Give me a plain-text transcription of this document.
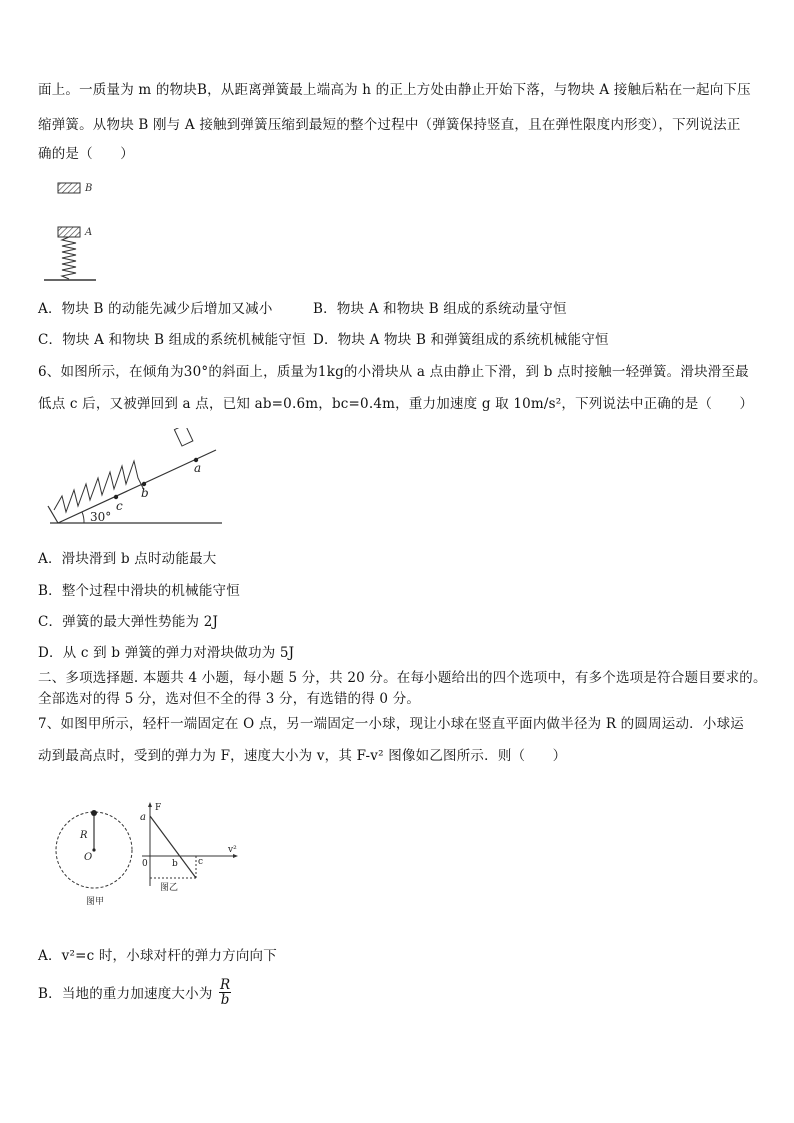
面上。一质量为 m 的物块B，从距离弹簧最上端高为 h 的正上方处由静止开始下落，与物块 A 接触后粘在一起向下压
缩弹簧。从物块 B 刚与 A 接触到弹簧压缩到最短的整个过程中（弹簧保持竖直，且在弹性限度内形变），下列说法正
确的是（　　）
B
A
A．物块 B 的动能先减少后增加又减小	B．物块 A 和物块 B 组成的系统动量守恒
C．物块 A 和物块 B 组成的系统机械能守恒 D．物块 A 物块 B 和弹簧组成的系统机械能守恒
6、如图所示，在倾角为30°的斜面上，质量为1kg的小滑块从 a 点由静止下滑，到 b 点时接触一轻弹簧。滑块滑至最
低点 c 后，又被弹回到 a 点，已知 ab=0.6m，bc=0.4m，重力加速度 g 取 10m/s²，下列说法中正确的是（　　）
a
b
c
30°
A．滑块滑到 b 点时动能最大
B．整个过程中滑块的机械能守恒
C．弹簧的最大弹性势能为 2J
D．从 c 到 b 弹簧的弹力对滑块做功为 5J
二、多项选择题. 本题共 4 小题，每小题 5 分，共 20 分。在每小题给出的四个选项中，有多个选项是符合题目要求的。
全部选对的得 5 分，选对但不全的得 3 分，有选错的得 0 分。
7、如图甲所示，轻杆一端固定在 O 点，另一端固定一小球，现让小球在竖直平面内做半径为 R 的圆周运动．小球运
动到最高点时，受到的弹力为 F，速度大小为 v，其 F-v² 图像如乙图所示．则（　　）
R
O
图甲
F
a
0	b c
v²
图乙
A．v²=c 时，小球对杆的弹力方向向下
B．当地的重力加速度大小为 $\frac{R}{b}$
